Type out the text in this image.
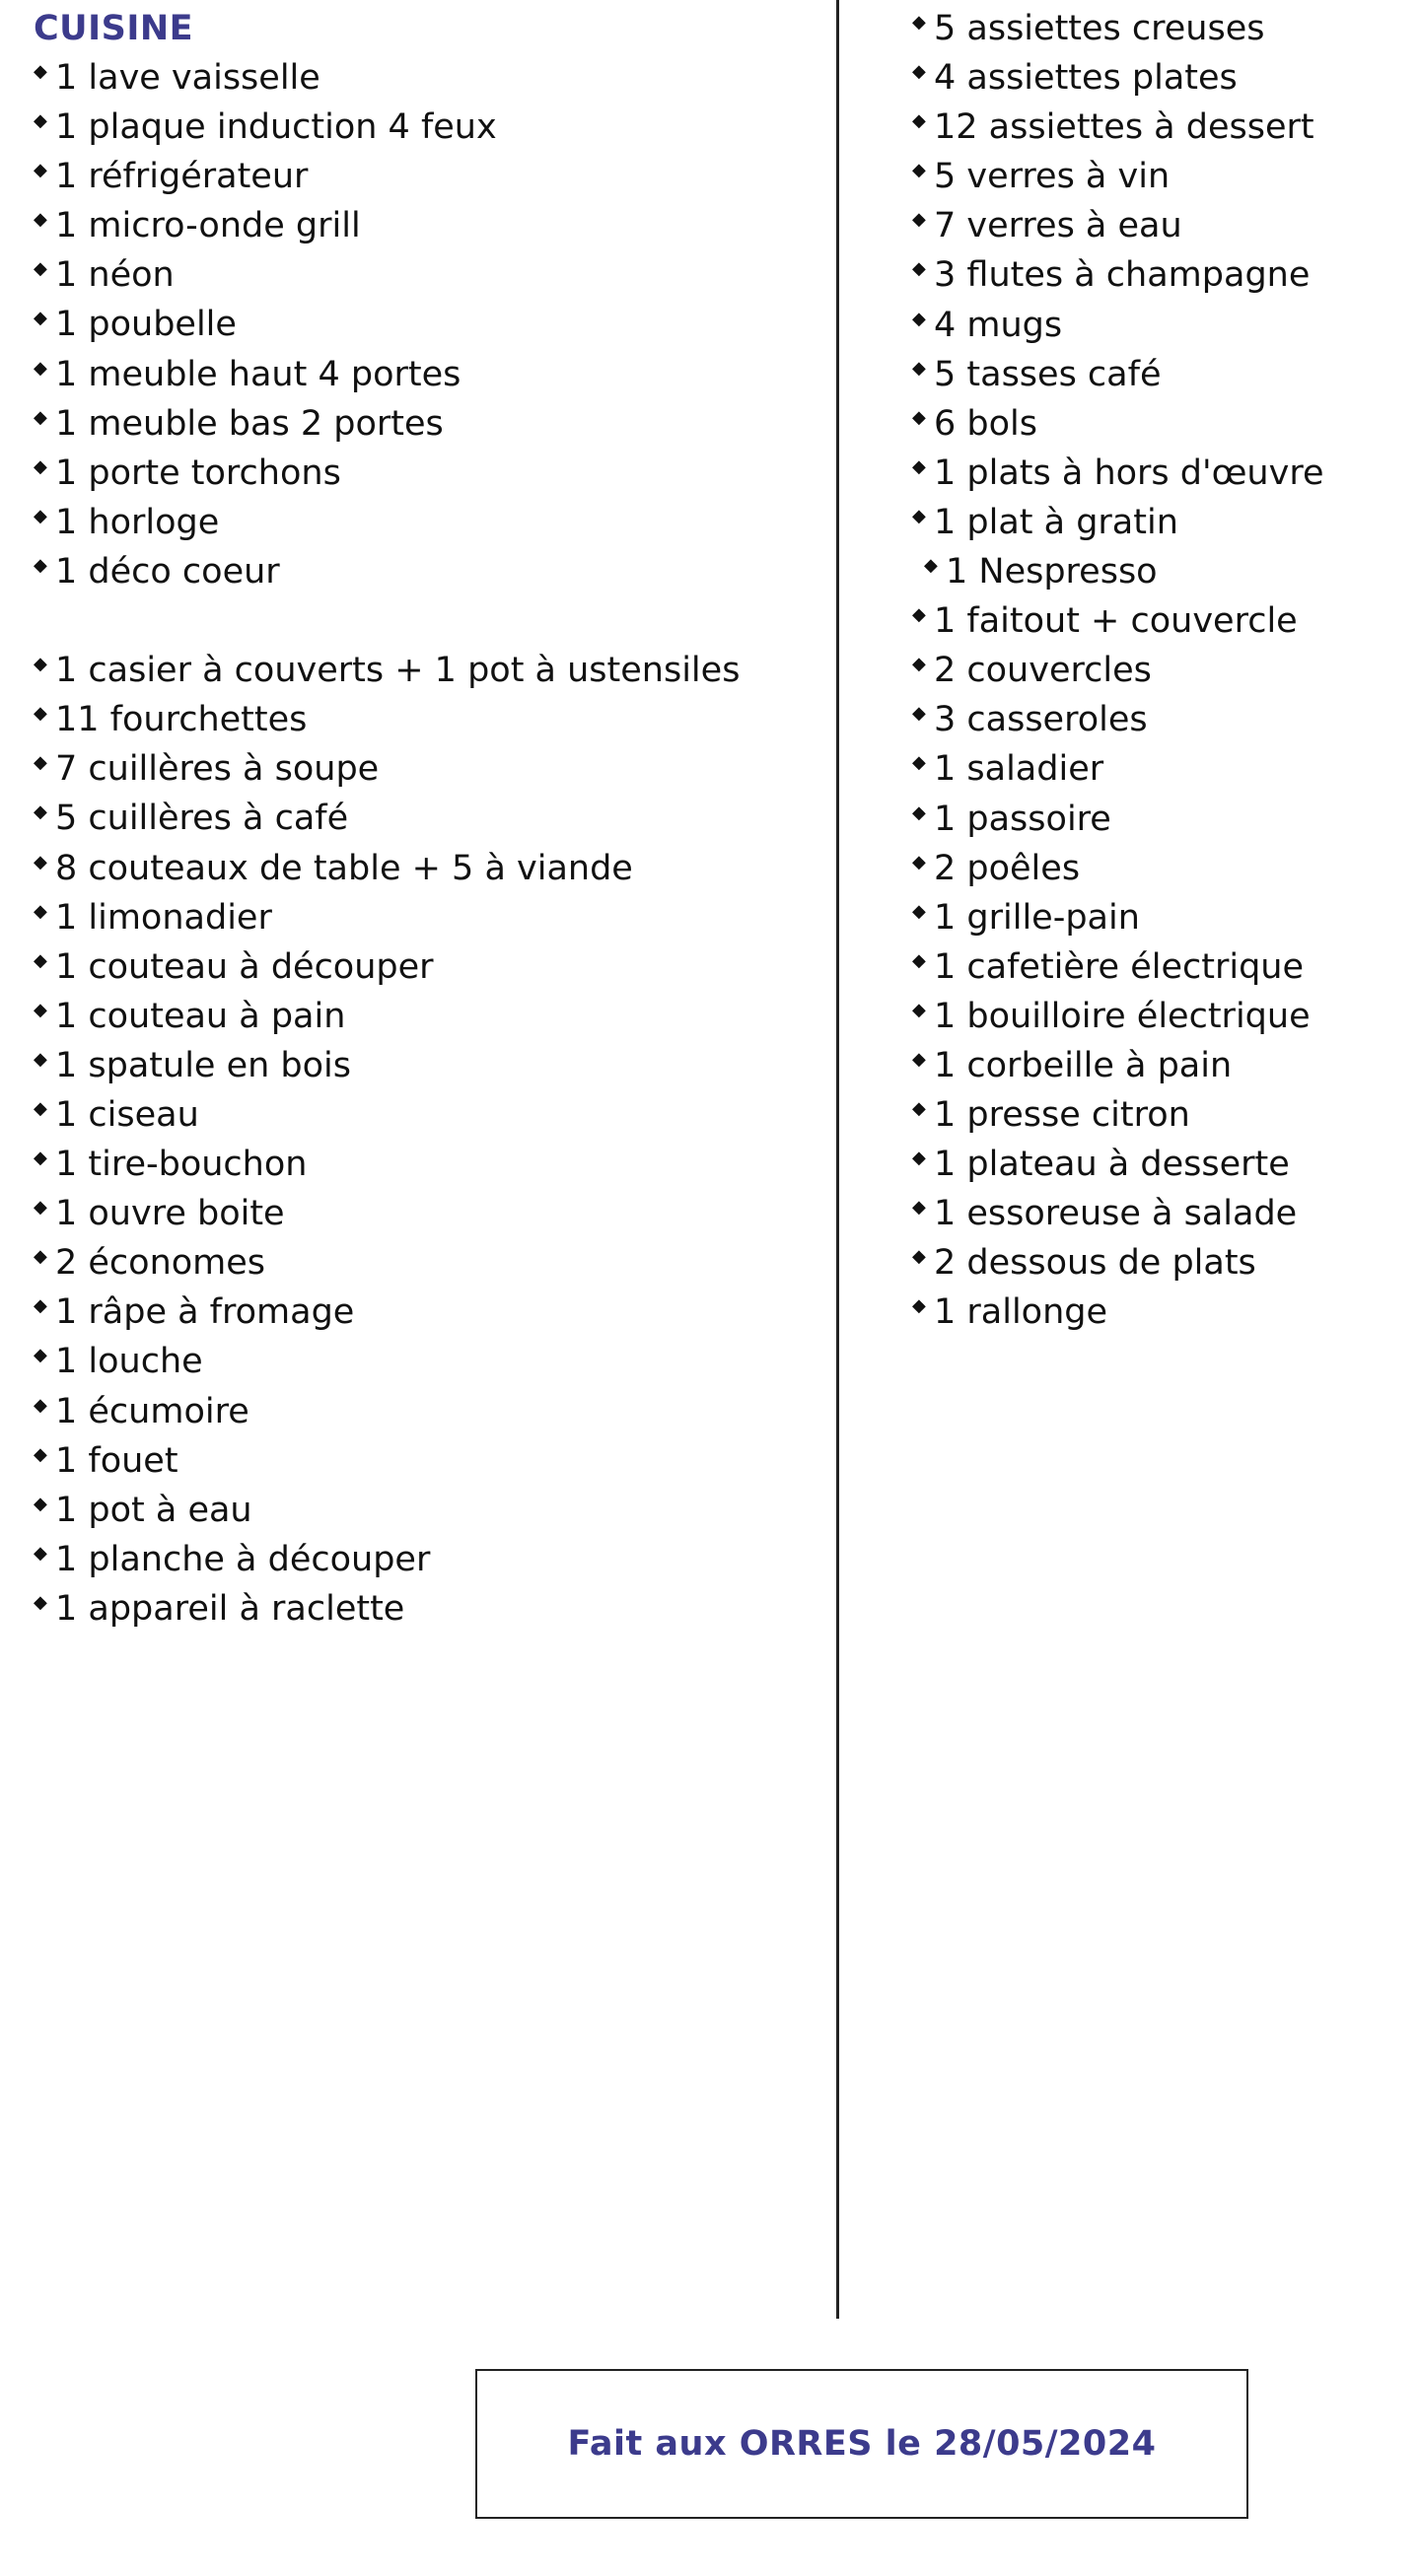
CUISINE
◆ 1 lave vaisselle
◆ 1 plaque induction 4 feux
◆ 1 réfrigérateur
◆ 1 micro-onde grill
◆ 1 néon
◆ 1 poubelle
◆ 1 meuble haut 4 portes
◆ 1 meuble bas 2 portes
◆ 1 porte torchons
◆ 1 horloge
◆ 1 déco coeur
◆ 1 casier à couverts + 1 pot à ustensiles
◆ 11 fourchettes
◆ 7 cuillères à soupe
◆ 5 cuillères à café
◆ 8 couteaux de table + 5 à viande
◆ 1 limonadier
◆ 1 couteau à découper
◆ 1 couteau à pain
◆ 1 spatule en bois
◆ 1 ciseau
◆ 1 tire-bouchon
◆ 1 ouvre boite
◆ 2 économes
◆ 1 râpe à fromage
◆ 1 louche
◆ 1 écumoire
◆ 1 fouet
◆ 1 pot à eau
◆ 1 planche à découper
◆ 1 appareil à raclette
◆ 5 assiettes creuses
◆ 4 assiettes plates
◆ 12 assiettes à dessert
◆ 5 verres à vin
◆ 7 verres à eau
◆ 3 flutes à champagne
◆ 4 mugs
◆ 5 tasses café
◆ 6 bols
◆ 1 plats à hors d'œuvre
◆ 1 plat à gratin
◆ 1 Nespresso
◆ 1 faitout + couvercle
◆ 2 couvercles
◆ 3 casseroles
◆ 1 saladier
◆ 1 passoire
◆ 2 poêles
◆ 1 grille-pain
◆ 1 cafetière électrique
◆ 1 bouilloire électrique
◆ 1 corbeille à pain
◆ 1 presse citron
◆ 1 plateau à desserte
◆ 1 essoreuse à salade
◆ 2 dessous de plats
◆ 1 rallonge
Fait aux ORRES le 28/05/2024
